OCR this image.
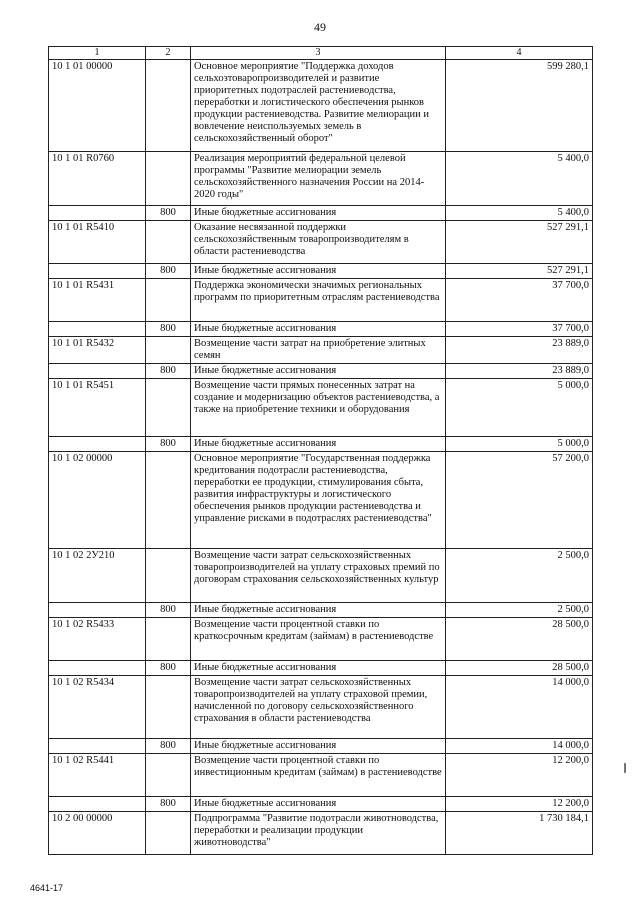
49
1	2	3	4
10 1 01 00000		Основное мероприятие "Поддержка доходов сельхозтоваропроизводителей и развитие приоритетных подотраслей растениеводства, переработки и логистического обеспечения рынков продукции растениеводства. Развитие мелиорации и вовлечение неиспользуемых земель в сельскохозяйственный оборот"	599 280,1
10 1 01 R0760		Реализация мероприятий федеральной целевой программы "Развитие мелиорации земель сельскохозяйственного назначения России на 2014-2020 годы"	5 400,0
	800	Иные бюджетные ассигнования	5 400,0
10 1 01 R5410		Оказание несвязанной поддержки сельскохозяйственным товаропроизводителям в области растениеводства	527 291,1
	800	Иные бюджетные ассигнования	527 291,1
10 1 01 R5431		Поддержка экономически значимых региональных программ по приоритетным отраслям растениеводства	37 700,0
	800	Иные бюджетные ассигнования	37 700,0
10 1 01 R5432		Возмещение части затрат на приобретение элитных семян	23 889,0
	800	Иные бюджетные ассигнования	23 889,0
10 1 01 R5451		Возмещение части прямых понесенных затрат на создание и модернизацию объектов растениеводства, а также на приобретение техники и оборудования	5 000,0
	800	Иные бюджетные ассигнования	5 000,0
10 1 02 00000		Основное мероприятие "Государственная поддержка кредитования подотрасли растениеводства, переработки ее продукции, стимулирования сбыта, развития инфраструктуры и логистического обеспечения рынков продукции растениеводства и управление рисками в подотраслях растениеводства"	57 200,0
10 1 02 2У210		Возмещение части затрат сельскохозяйственных товаропроизводителей на уплату страховых премий по договорам страхования сельскохозяйственных культур	2 500,0
	800	Иные бюджетные ассигнования	2 500,0
10 1 02 R5433		Возмещение части процентной ставки по краткосрочным кредитам (займам) в растениеводстве	28 500,0
	800	Иные бюджетные ассигнования	28 500,0
10 1 02 R5434		Возмещение части затрат сельскохозяйственных товаропроизводителей на уплату страховой премии, начисленной по договору сельскохозяйственного страхования в области растениеводства	14 000,0
	800	Иные бюджетные ассигнования	14 000,0
10 1 02 R5441		Возмещение части процентной ставки по инвестиционным кредитам (займам) в растениеводстве	12 200,0
	800	Иные бюджетные ассигнования	12 200,0
10 2 00 00000		Подпрограмма "Развитие подотрасли животноводства, переработки и реализации продукции животноводства"	1 730 184,1
4641-17
